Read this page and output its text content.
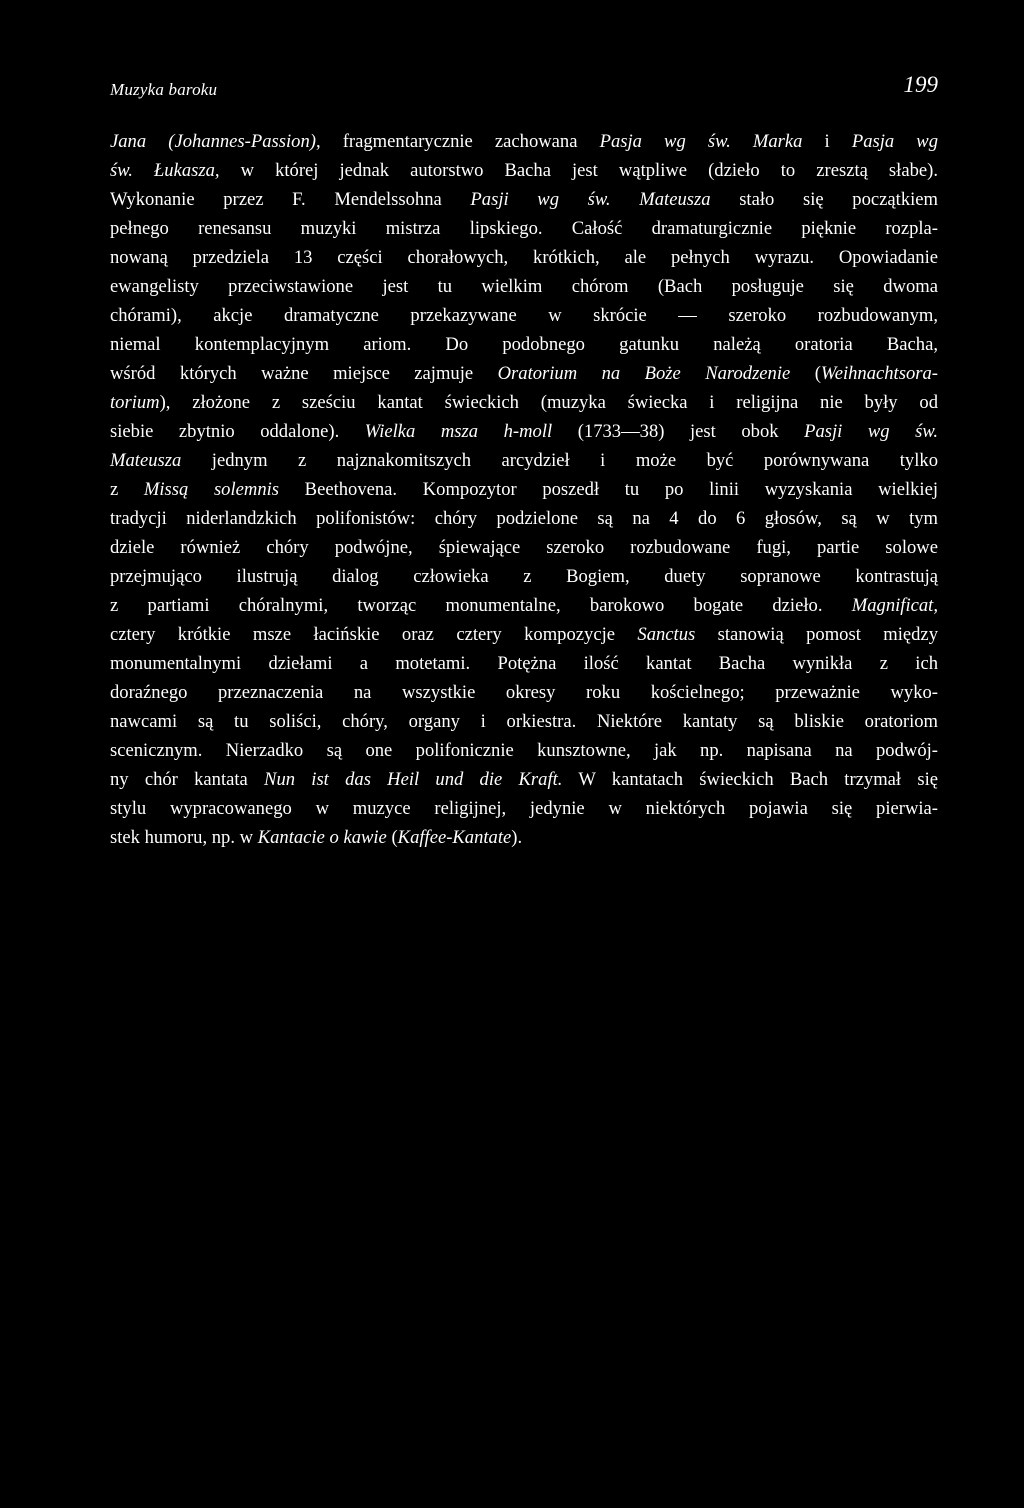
Muzyka baroku	199
Jana (Johannes-Passion), fragmentarycznie zachowana Pasja wg św. Marka i Pasja wg
św. Łukasza, w której jednak autorstwo Bacha jest wątpliwe (dzieło to zresztą słabe).
Wykonanie przez F. Mendelssohna Pasji wg św. Mateusza stało się początkiem
pełnego renesansu muzyki mistrza lipskiego. Całość dramaturgicznie pięknie rozpla-
nowaną przedziela 13 części chorałowych, krótkich, ale pełnych wyrazu. Opowiadanie
ewangelisty przeciwstawione jest tu wielkim chórom (Bach posługuje się dwoma
chórami), akcje dramatyczne przekazywane w skrócie — szeroko rozbudowanym,
niemal kontemplacyjnym ariom. Do podobnego gatunku należą oratoria Bacha,
wśród których ważne miejsce zajmuje Oratorium na Boże Narodzenie (Weihnachtsora-
torium), złożone z sześciu kantat świeckich (muzyka świecka i religijna nie były od
siebie zbytnio oddalone). Wielka msza h-moll (1733—38) jest obok Pasji wg św.
Mateusza jednym z najznakomitszych arcydzieł i może być porównywana tylko
z Missą solemnis Beethovena. Kompozytor poszedł tu po linii wyzyskania wielkiej
tradycji niderlandzkich polifonistów: chóry podzielone są na 4 do 6 głosów, są w tym
dziele również chóry podwójne, śpiewające szeroko rozbudowane fugi, partie solowe
przejmująco ilustrują dialog człowieka z Bogiem, duety sopranowe kontrastują
z partiami chóralnymi, tworząc monumentalne, barokowo bogate dzieło. Magnificat,
cztery krótkie msze łacińskie oraz cztery kompozycje Sanctus stanowią pomost między
monumentalnymi dziełami a motetami. Potężna ilość kantat Bacha wynikła z ich
doraźnego przeznaczenia na wszystkie okresy roku kościelnego; przeważnie wyko-
nawcami są tu soliści, chóry, organy i orkiestra. Niektóre kantaty są bliskie oratoriom
scenicznym. Nierzadko są one polifonicznie kunsztowne, jak np. napisana na podwój-
ny chór kantata Nun ist das Heil und die Kraft. W kantatach świeckich Bach trzymał się
stylu wypracowanego w muzyce religijnej, jedynie w niektórych pojawia się pierwia-
stek humoru, np. w Kantacie o kawie (Kaffee-Kantate).
